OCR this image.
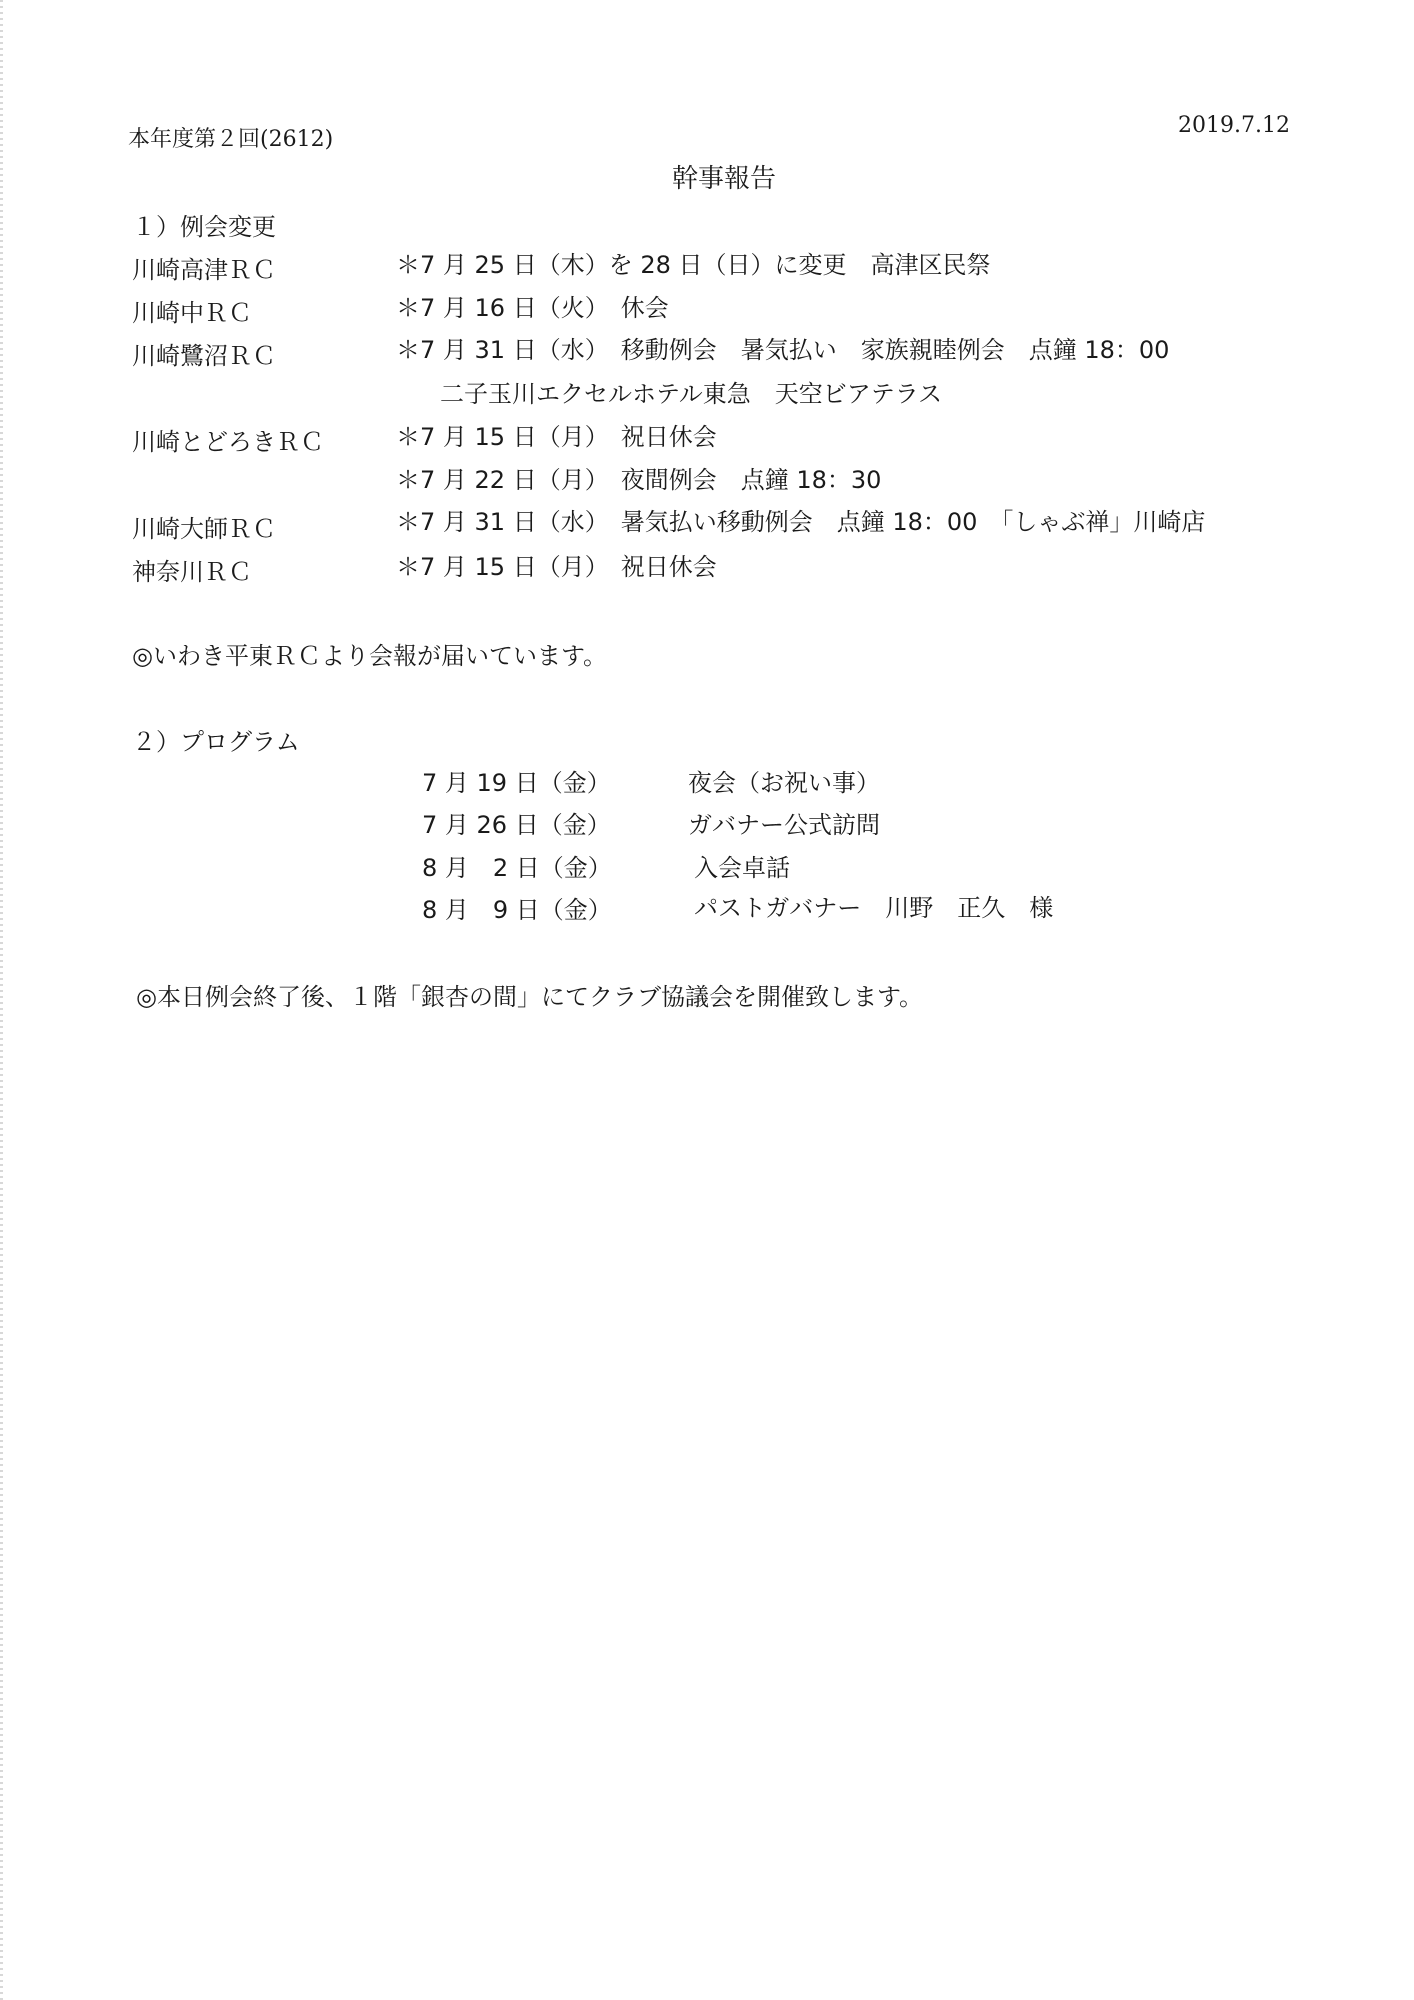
本年度第２回(2612)
2019.7.12
幹事報告
１）例会変更
川崎高津ＲＣ	＊7 月 25 日（木）を 28 日（日）に変更　高津区民祭
川崎中ＲＣ	＊7 月 16 日（火）　休会
川崎鷺沼ＲＣ	＊7 月 31 日（水）　移動例会　暑気払い　家族親睦例会　点鐘 18：00
二子玉川エクセルホテル東急　天空ビアテラス
川崎とどろきＲＣ	＊7 月 15 日（月）　祝日休会
＊7 月 22 日（月）　夜間例会　点鐘 18：30
川崎大師ＲＣ	＊7 月 31 日（水）　暑気払い移動例会　点鐘 18：00　「しゃぶ禅」川崎店
神奈川ＲＣ	＊7 月 15 日（月）　祝日休会
◎いわき平東ＲＣより会報が届いています。
２）プログラム
7 月 19 日（金）	夜会（お祝い事）
7 月 26 日（金）	ガバナー公式訪問
8 月　2 日（金）	入会卓話
8 月　9 日（金）	パストガバナー　川野　正久　様
◎本日例会終了後、１階「銀杏の間」にてクラブ協議会を開催致します。
